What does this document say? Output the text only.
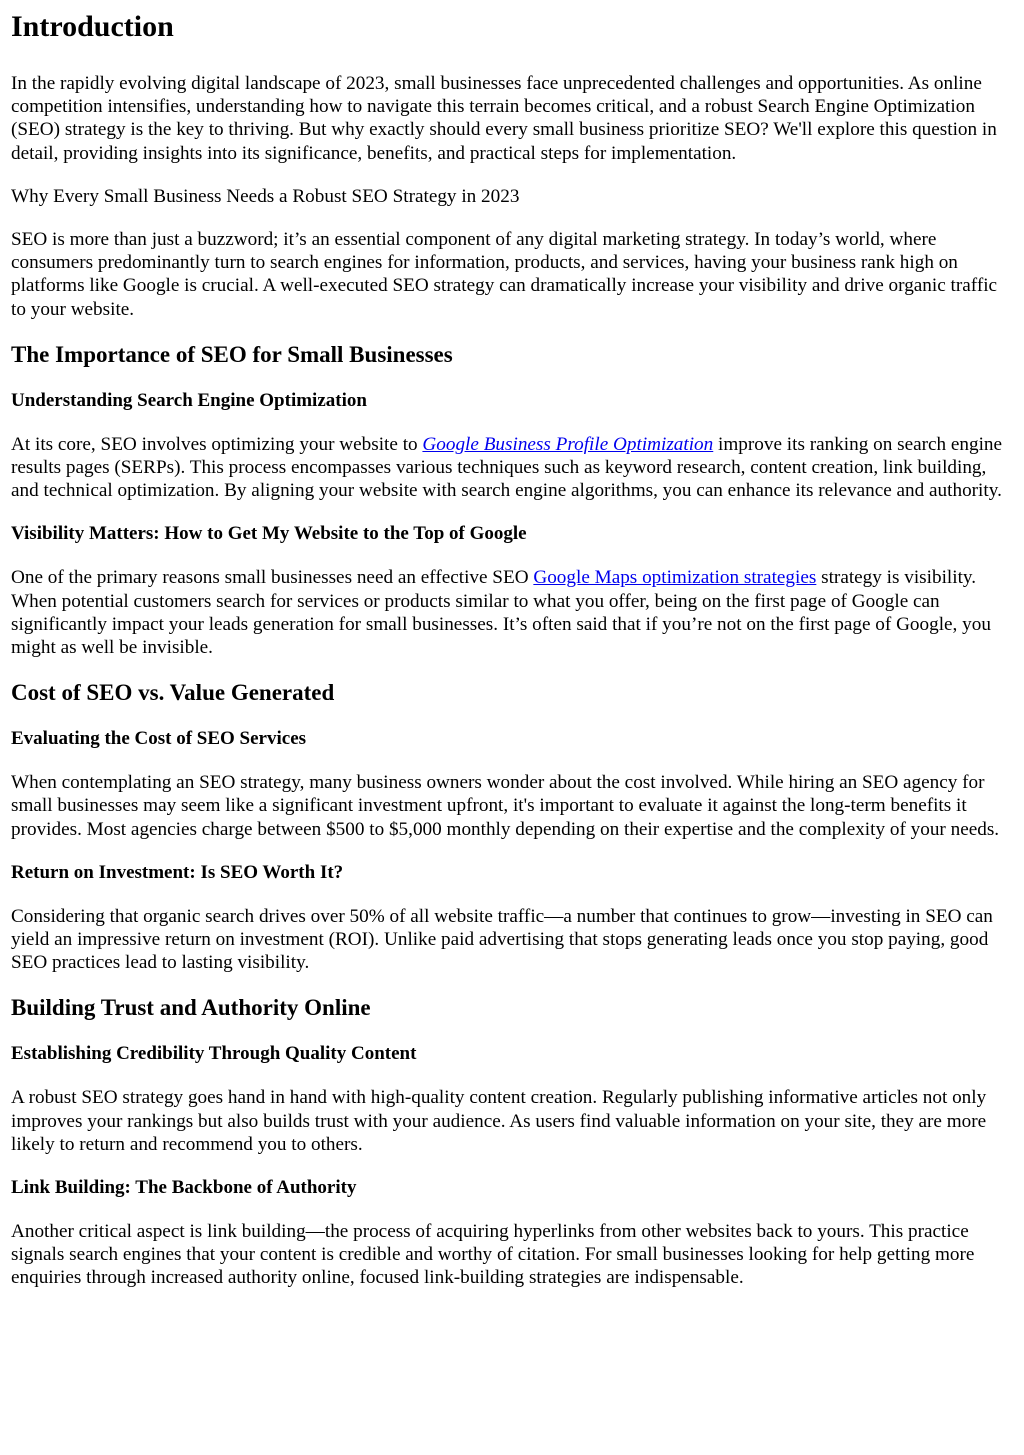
Introduction

In the rapidly evolving digital landscape of 2023, small businesses face unprecedented challenges and opportunities. As online competition intensifies, understanding how to navigate this terrain becomes critical, and a robust Search Engine Optimization (SEO) strategy is the key to thriving. But why exactly should every small business prioritize SEO? We'll explore this question in detail, providing insights into its significance, benefits, and practical steps for implementation.

Why Every Small Business Needs a Robust SEO Strategy in 2023

SEO is more than just a buzzword; it’s an essential component of any digital marketing strategy. In today’s world, where consumers predominantly turn to search engines for information, products, and services, having your business rank high on platforms like Google is crucial. A well-executed SEO strategy can dramatically increase your visibility and drive organic traffic to your website.

The Importance of SEO for Small Businesses
Understanding Search Engine Optimization

At its core, SEO involves optimizing your website to Google Business Profile Optimization improve its ranking on search engine results pages (SERPs). This process encompasses various techniques such as keyword research, content creation, link building, and technical optimization. By aligning your website with search engine algorithms, you can enhance its relevance and authority.

Visibility Matters: How to Get My Website to the Top of Google

One of the primary reasons small businesses need an effective SEO Google Maps optimization strategies strategy is visibility. When potential customers search for services or products similar to what you offer, being on the first page of Google can significantly impact your leads generation for small businesses. It’s often said that if you’re not on the first page of Google, you might as well be invisible.

Cost of SEO vs. Value Generated
Evaluating the Cost of SEO Services

When contemplating an SEO strategy, many business owners wonder about the cost involved. While hiring an SEO agency for small businesses may seem like a significant investment upfront, it's important to evaluate it against the long-term benefits it provides. Most agencies charge between $500 to $5,000 monthly depending on their expertise and the complexity of your needs.

Return on Investment: Is SEO Worth It?

Considering that organic search drives over 50% of all website traffic—a number that continues to grow—investing in SEO can yield an impressive return on investment (ROI). Unlike paid advertising that stops generating leads once you stop paying, good SEO practices lead to lasting visibility.

Building Trust and Authority Online
Establishing Credibility Through Quality Content

A robust SEO strategy goes hand in hand with high-quality content creation. Regularly publishing informative articles not only improves your rankings but also builds trust with your audience. As users find valuable information on your site, they are more likely to return and recommend you to others.

Link Building: The Backbone of Authority

Another critical aspect is link building—the process of acquiring hyperlinks from other websites back to yours. This practice signals search engines that your content is credible and worthy of citation. For small businesses looking for help getting more enquiries through increased authority online, focused link-building strategies are indispensable.
